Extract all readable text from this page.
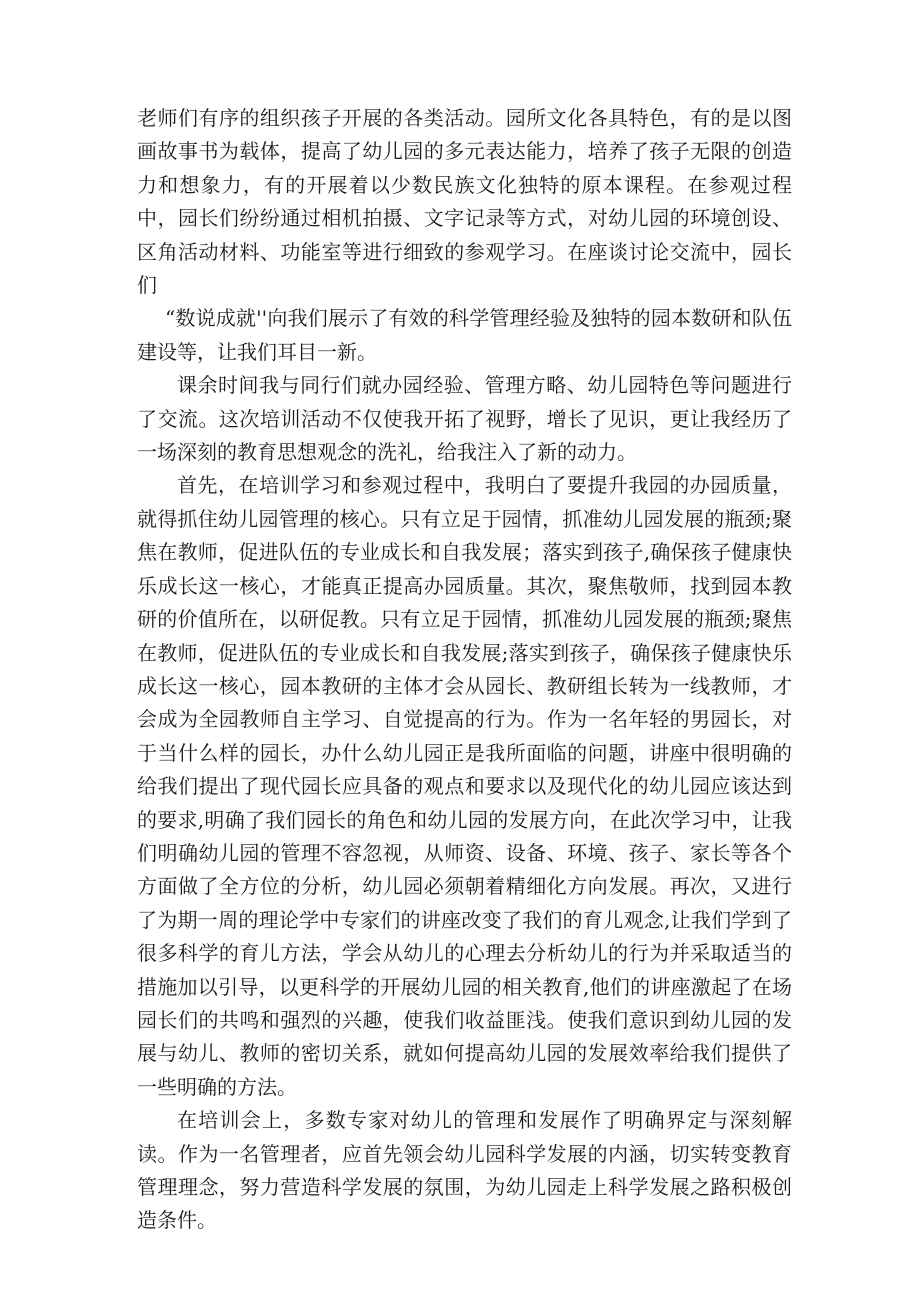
老师们有序的组织孩子开展的各类活动。园所文化各具特色，有的是以图画故事书为载体，提高了幼儿园的多元表达能力，培养了孩子无限的创造力和想象力，有的开展着以少数民族文化独特的原本课程。在参观过程中，园长们纷纷通过相机拍摄、文字记录等方式，对幼儿园的环境创设、区角活动材料、功能室等进行细致的参观学习。在座谈讨论交流中，园长们

“数说成就''向我们展示了有效的科学管理经验及独特的园本数研和队伍建设等，让我们耳目一新。

课余时间我与同行们就办园经验、管理方略、幼儿园特色等问题进行了交流。这次培训活动不仅使我开拓了视野，增长了见识，更让我经历了一场深刻的教育思想观念的洗礼，给我注入了新的动力。

首先，在培训学习和参观过程中，我明白了要提升我园的办园质量，就得抓住幼儿园管理的核心。只有立足于园情，抓准幼儿园发展的瓶颈;聚焦在教师，促进队伍的专业成长和自我发展；落实到孩子,确保孩子健康快乐成长这一核心，才能真正提高办园质量。其次，聚焦敬师，找到园本教研的价值所在，以研促教。只有立足于园情，抓准幼儿园发展的瓶颈;聚焦在教师，促进队伍的专业成长和自我发展;落实到孩子，确保孩子健康快乐成长这一核心，园本教研的主体才会从园长、教研组长转为一线教师，才会成为全园教师自主学习、自觉提高的行为。作为一名年轻的男园长，对于当什么样的园长，办什么幼儿园正是我所面临的问题，讲座中很明确的给我们提出了现代园长应具备的观点和要求以及现代化的幼儿园应该达到的要求,明确了我们园长的角色和幼儿园的发展方向，在此次学习中，让我们明确幼儿园的管理不容忽视，从师资、设备、环境、孩子、家长等各个方面做了全方位的分析，幼儿园必须朝着精细化方向发展。再次，又进行了为期一周的理论学中专家们的讲座改变了我们的育儿观念,让我们学到了很多科学的育儿方法，学会从幼儿的心理去分析幼儿的行为并采取适当的措施加以引导，以更科学的开展幼儿园的相关教育,他们的讲座激起了在场园长们的共鸣和强烈的兴趣，使我们收益匪浅。使我们意识到幼儿园的发展与幼儿、教师的密切关系，就如何提高幼儿园的发展效率给我们提供了一些明确的方法。

在培训会上，多数专家对幼儿的管理和发展作了明确界定与深刻解读。作为一名管理者，应首先领会幼儿园科学发展的内涵，切实转变教育管理理念，努力营造科学发展的氛围，为幼儿园走上科学发展之路积极创造条件。
